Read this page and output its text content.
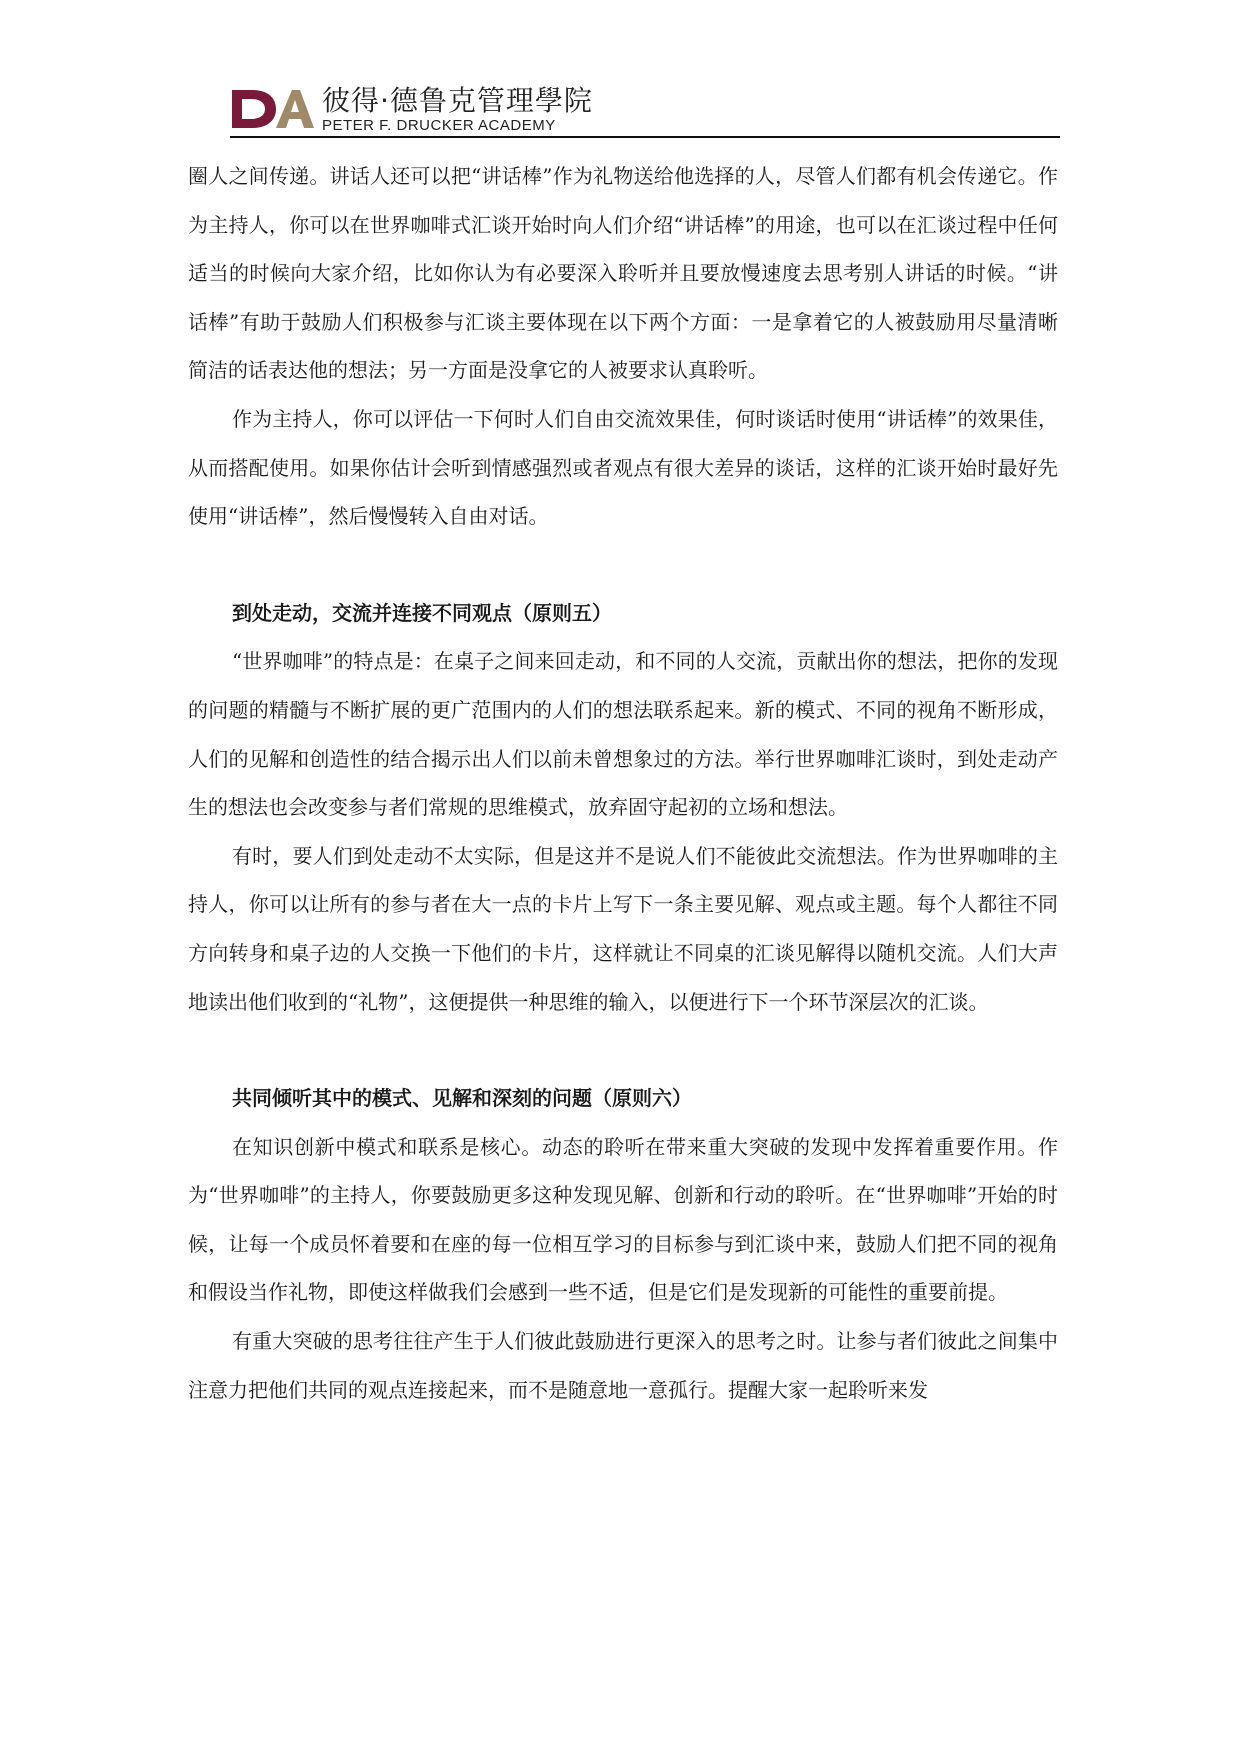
彼得·德鲁克管理學院
PETER F. DRUCKER ACADEMY

圈人之间传递。讲话人还可以把“讲话棒”作为礼物送给他选择的人，尽管人们都有机会传递它。作为主持人，你可以在世界咖啡式汇谈开始时向人们介绍“讲话棒”的用途，也可以在汇谈过程中任何适当的时候向大家介绍，比如你认为有必要深入聆听并且要放慢速度去思考别人讲话的时候。“讲话棒”有助于鼓励人们积极参与汇谈主要体现在以下两个方面：一是拿着它的人被鼓励用尽量清晰简洁的话表达他的想法；另一方面是没拿它的人被要求认真聆听。

作为主持人，你可以评估一下何时人们自由交流效果佳，何时谈话时使用“讲话棒”的效果佳，从而搭配使用。如果你估计会听到情感强烈或者观点有很大差异的谈话，这样的汇谈开始时最好先使用“讲话棒”，然后慢慢转入自由对话。

到处走动，交流并连接不同观点（原则五）

“世界咖啡”的特点是：在桌子之间来回走动，和不同的人交流，贡献出你的想法，把你的发现的问题的精髓与不断扩展的更广范围内的人们的想法联系起来。新的模式、不同的视角不断形成，人们的见解和创造性的结合揭示出人们以前未曾想象过的方法。举行世界咖啡汇谈时，到处走动产生的想法也会改变参与者们常规的思维模式，放弃固守起初的立场和想法。

有时，要人们到处走动不太实际，但是这并不是说人们不能彼此交流想法。作为世界咖啡的主持人，你可以让所有的参与者在大一点的卡片上写下一条主要见解、观点或主题。每个人都往不同方向转身和桌子边的人交换一下他们的卡片，这样就让不同桌的汇谈见解得以随机交流。人们大声地读出他们收到的“礼物”，这便提供一种思维的输入，以便进行下一个环节深层次的汇谈。

共同倾听其中的模式、见解和深刻的问题（原则六）

在知识创新中模式和联系是核心。动态的聆听在带来重大突破的发现中发挥着重要作用。作为“世界咖啡”的主持人，你要鼓励更多这种发现见解、创新和行动的聆听。在“世界咖啡”开始的时候，让每一个成员怀着要和在座的每一位相互学习的目标参与到汇谈中来，鼓励人们把不同的视角和假设当作礼物，即使这样做我们会感到一些不适，但是它们是发现新的可能性的重要前提。

有重大突破的思考往往产生于人们彼此鼓励进行更深入的思考之时。让参与者们彼此之间集中注意力把他们共同的观点连接起来，而不是随意地一意孤行。提醒大家一起聆听来发
